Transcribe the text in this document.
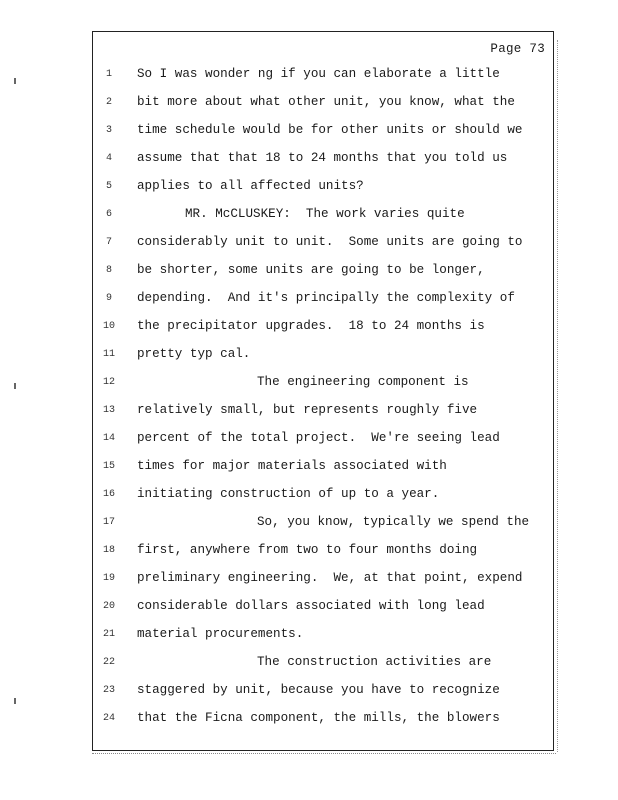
Page 73
1	So I was wonder ng if you can elaborate a little
2	bit more about what other unit, you know, what the
3	time schedule would be for other units or should we
4	assume that that 18 to 24 months that you told us
5	applies to all affected units?
6	MR. McCLUSKEY:  The work varies quite
7	considerably unit to unit.  Some units are going to
8	be shorter, some units are going to be longer,
9	depending.  And it's principally the complexity of
10	the precipitator upgrades.  18 to 24 months is
11	pretty typ cal.
12	The engineering component is
13	relatively small, but represents roughly five
14	percent of the total project.  We're seeing lead
15	times for major materials associated with
16	initiating construction of up to a year.
17	So, you know, typically we spend the
18	first, anywhere from two to four months doing
19	preliminary engineering.  We, at that point, expend
20	considerable dollars associated with long lead
21	material procurements.
22	The construction activities are
23	staggered by unit, because you have to recognize
24	that the Ficna component, the mills, the blowers
